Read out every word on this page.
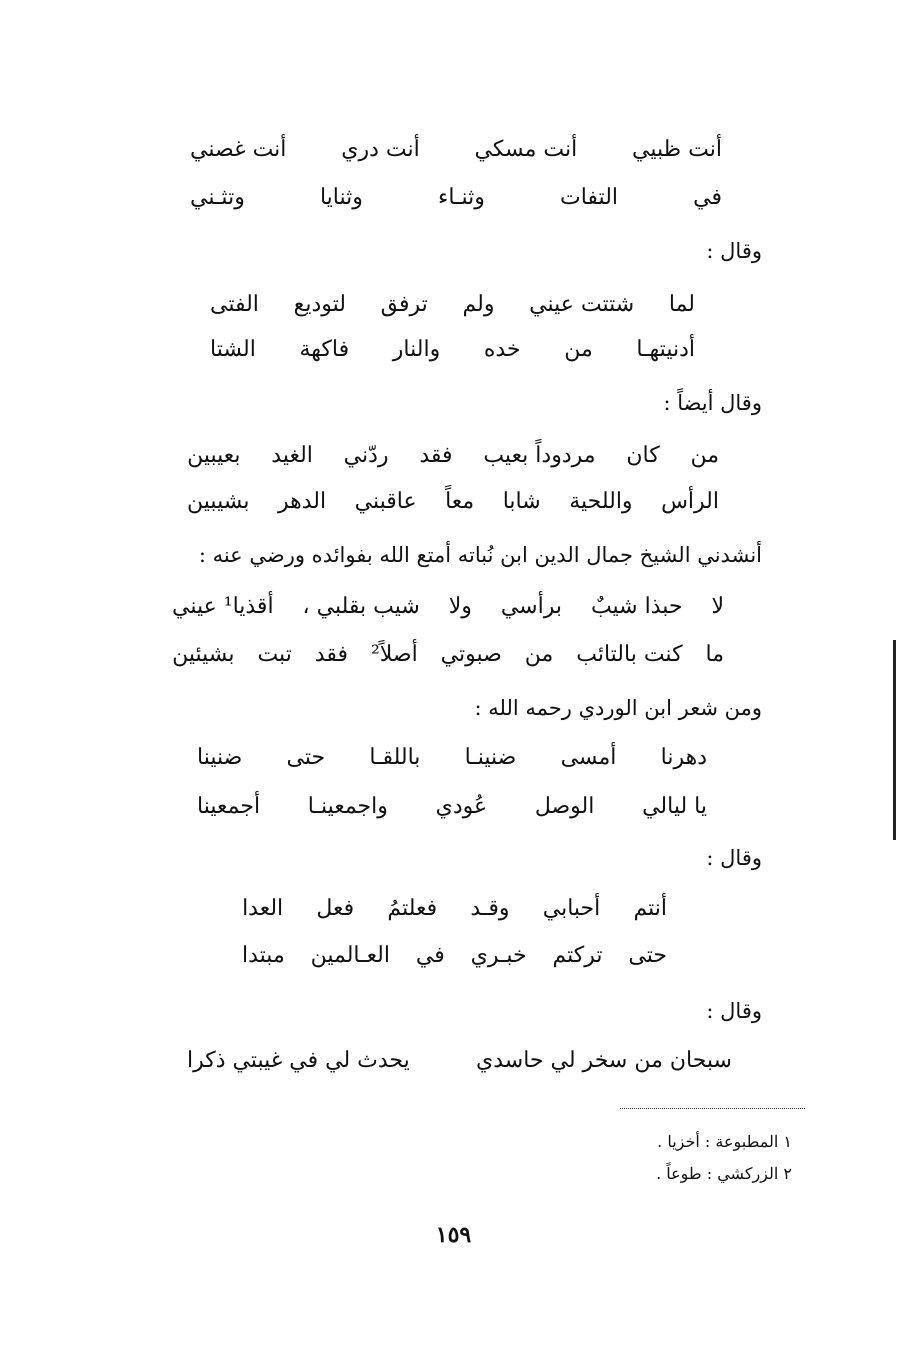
أنت ظبيي
أنت مسكي
أنت دري
أنت غصني
في
التفات
وثنـاء
وثنايا
وتثـني
وقال :
لما
شتتت عيني
ولم
ترفق
لتوديع
الفتى
أدنيتهـا
من
خده
والنار
فاكهة
الشتا
وقال أيضاً :
من
كان
مردوداً بعيب
فقد
ردّني
الغيد
بعيبين
الرأس
واللحية
شابا
معاً
عاقبني
الدهر
بشيبين
أنشدني الشيخ جمال الدين ابن نُباته أمتع الله بفوائده ورضي عنه :
لا
حبذا شيبٌ
برأسي
ولا
شيب بقلبي ،
أقذيا¹ عيني
ما
كنت بالتائب
من
صبوتي
أصلاً²
فقد
تبت
بشيئين
ومن شعر ابن الوردي رحمه الله :
دهرنا
أمسى
ضنينـا
باللقـا
حتى
ضنينا
يا ليالي
الوصل
عُودي
واجمعينـا
أجمعينا
وقال :
أنتم
أحبابي
وقـد
فعلتمُ
فعل
العدا
حتى
تركتم
خبـري
في
العـالمين
مبتدا
وقال :
سبحان من سخر لي حاسدي
يحدث لي في غيبتي ذكرا
١ المطبوعة : أخزيا .
٢ الزركشي : طوعاً .
١٥٩
